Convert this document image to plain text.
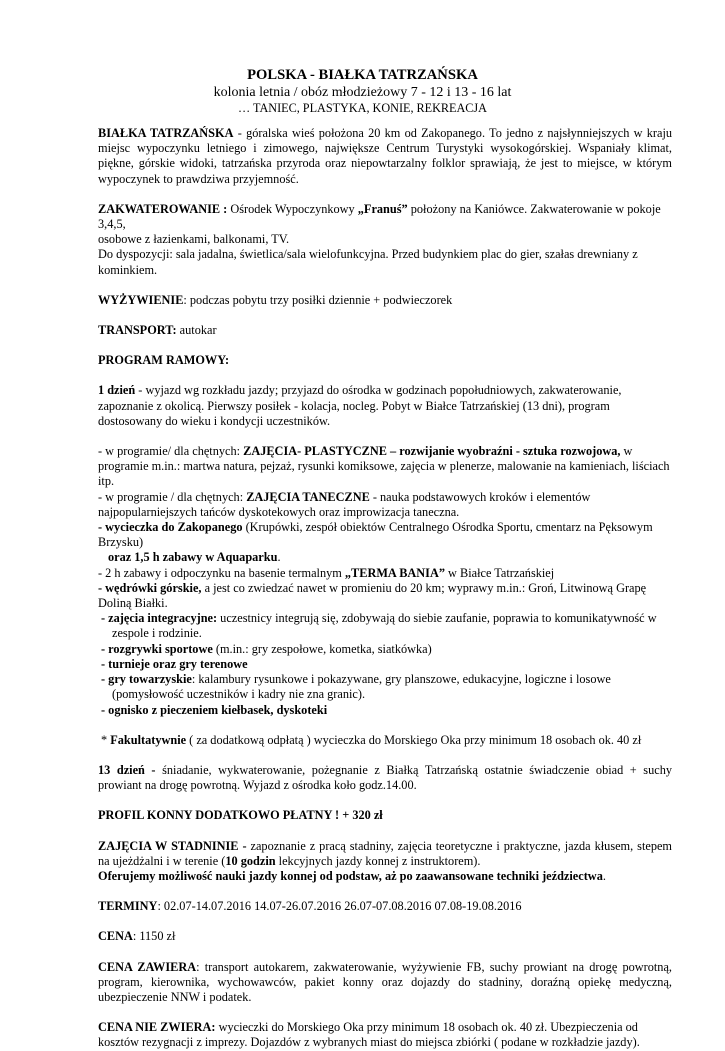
POLSKA - BIAŁKA TATRZAŃSKA
kolonia letnia / obóz młodzieżowy 7 - 12 i 13 - 16 lat
… TANIEC, PLASTYKA, KONIE, REKREACJA

BIAŁKA TATRZAŃSKA - góralska wieś położona 20 km od Zakopanego. To jedno z najsłynniejszych w kraju miejsc wypoczynku letniego i zimowego, największe Centrum Turystyki wysokogórskiej. Wspaniały klimat, piękne, górskie widoki, tatrzańska przyroda oraz niepowtarzalny folklor sprawiają, że jest to miejsce, w którym wypoczynek to prawdziwa przyjemność.

ZAKWATEROWANIE : Ośrodek Wypoczynkowy „Franuś” położony na Kaniówce. Zakwaterowanie w pokoje 3,4,5,
osobowe z łazienkami, balkonami, TV.
Do dyspozycji: sala jadalna, świetlica/sala wielofunkcyjna. Przed budynkiem plac do gier, szałas drewniany z kominkiem.

WYŻYWIENIE: podczas pobytu trzy posiłki dziennie + podwieczorek

TRANSPORT: autokar

PROGRAM RAMOWY:

1 dzień - wyjazd wg rozkładu jazdy; przyjazd do ośrodka w godzinach popołudniowych, zakwaterowanie, zapoznanie z okolicą. Pierwszy posiłek - kolacja, nocleg. Pobyt w Białce Tatrzańskiej (13 dni), program dostosowany do wieku i kondycji uczestników.

- w programie/ dla chętnych: ZAJĘCIA- PLASTYCZNE – rozwijanie wyobraźni - sztuka rozwojowa, w programie m.in.: martwa natura, pejzaż, rysunki komiksowe, zajęcia w plenerze, malowanie na kamieniach, liściach itp.

- w programie / dla chętnych: ZAJĘCIA TANECZNE - nauka podstawowych kroków i elementów najpopularniejszych tańców dyskotekowych oraz improwizacja taneczna.

- wycieczka do Zakopanego (Krupówki, zespół obiektów Centralnego Ośrodka Sportu, cmentarz na Pęksowym Brzysku)
oraz 1,5 h zabawy w Aquaparku.

- 2 h zabawy i odpoczynku na basenie termalnym „TERMA BANIA” w Białce Tatrzańskiej

- wędrówki górskie, a jest co zwiedzać nawet w promieniu do 20 km; wyprawy m.in.: Groń, Litwinową Grapę Doliną Białki.

- zajęcia integracyjne: uczestnicy integrują się, zdobywają do siebie zaufanie, poprawia to komunikatywność w zespole i rodzinie.

- rozgrywki sportowe (m.in.: gry zespołowe, kometka, siatkówka)

- turnieje oraz gry terenowe

- gry towarzyskie: kalambury rysunkowe i pokazywane, gry planszowe, edukacyjne, logiczne i losowe (pomysłowość uczestników i kadry nie zna granic).

- ognisko z pieczeniem kiełbasek, dyskoteki

* Fakultatywnie ( za dodatkową odpłatą ) wycieczka do Morskiego Oka przy minimum 18 osobach ok. 40 zł

13 dzień - śniadanie, wykwaterowanie, pożegnanie z Białką Tatrzańską ostatnie świadczenie obiad + suchy prowiant na drogę powrotną. Wyjazd z ośrodka koło godz.14.00.

PROFIL KONNY DODATKOWO PŁATNY ! + 320 zł

ZAJĘCIA W STADNINIE - zapoznanie z pracą stadniny, zajęcia teoretyczne i praktyczne, jazda kłusem, stepem na ujeżdżalni i w terenie (10 godzin lekcyjnych jazdy konnej z instruktorem).

Oferujemy możliwość nauki jazdy konnej od podstaw, aż po zaawansowane techniki jeździectwa.

TERMINY: 02.07-14.07.2016 14.07-26.07.2016 26.07-07.08.2016 07.08-19.08.2016

CENA: 1150 zł

CENA ZAWIERA: transport autokarem, zakwaterowanie, wyżywienie FB, suchy prowiant na drogę powrotną, program, kierownika, wychowawców, pakiet konny oraz dojazdy do stadniny, doraźną opiekę medyczną, ubezpieczenie NNW i podatek.

CENA NIE ZWIERA: wycieczki do Morskiego Oka przy minimum 18 osobach ok. 40 zł. Ubezpieczenia od kosztów rezygnacji z imprezy. Dojazdów z wybranych miast do miejsca zbiórki ( podane w rozkładzie jazdy).
